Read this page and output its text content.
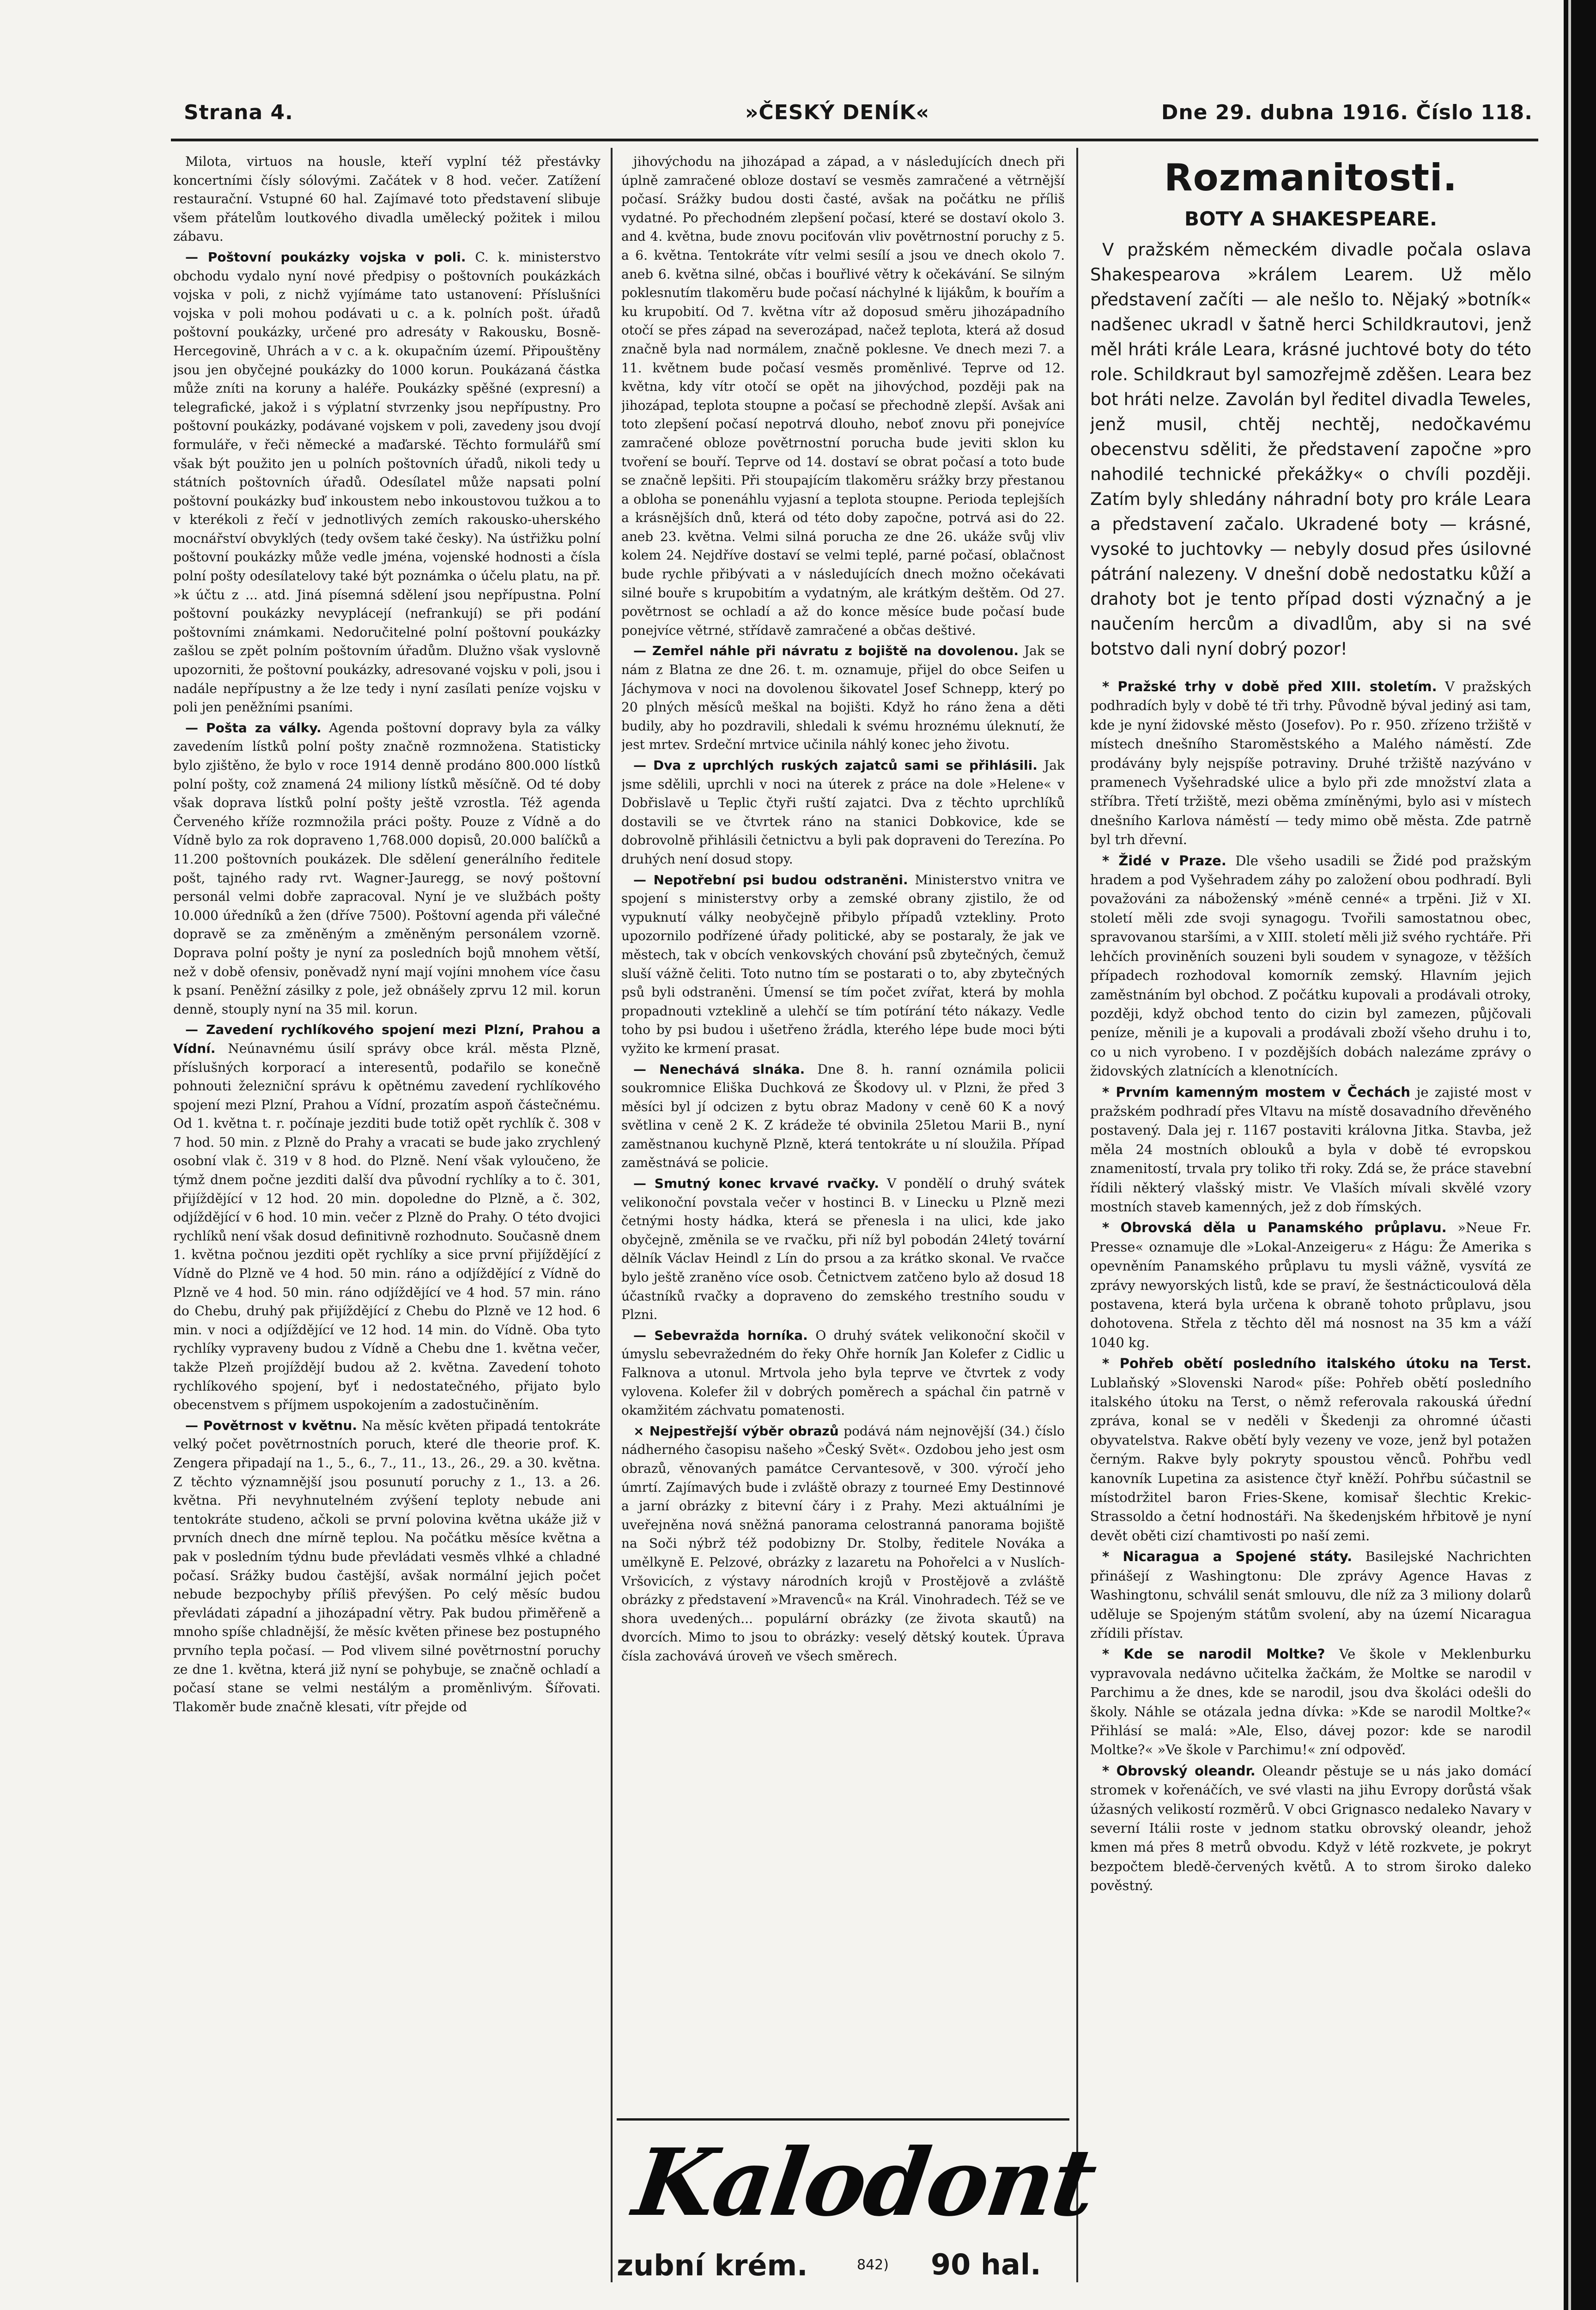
Strana 4.	»ČESKÝ DENÍK«	Dne 29. dubna 1916. Číslo 118.

Milota, virtuos na housle, kteří vyplní též přestávky koncertními čísly sólovými. Začátek v 8 hod. večer. Zatížení restaurační. Vstupné 60 hal. Zajímavé toto představení slibuje všem přátelům loutkového divadla umělecký požitek i milou zábavu.

— Poštovní poukázky vojska v poli. C. k. ministerstvo obchodu vydalo nyní nové předpisy o poštovních poukázkách vojska v poli, z nichž vyjímáme tato ustanovení: Příslušníci vojska v poli mohou podávati u c. a k. polních pošt. úřadů poštovní poukázky, určené pro adresáty v Rakousku, Bosně-Hercegovině, Uhrách a v c. a k. okupačním území. Připouštěny jsou jen obyčejné poukázky do 1000 korun. Poukázaná částka může zníti na koruny a haléře. Poukázky spěšné (expresní) a telegrafické, jakož i s výplatní stvrzenky jsou nepřípustny. Pro poštovní poukázky, podávané vojskem v poli, zavedeny jsou dvojí formuláře, v řeči německé a maďarské. Těchto formulářů smí však být použito jen u polních poštovních úřadů, nikoli tedy u státních poštovních úřadů. Odesílatel může napsati polní poštovní poukázky buď inkoustem nebo inkoustovou tužkou a to v kterékoli z řečí v jednotlivých zemích rakousko-uherského mocnářství obvyklých (tedy ovšem také česky). Na ústřižku polní poštovní poukázky může vedle jména, vojenské hodnosti a čísla polní pošty odesílatelovy také být poznámka o účelu platu, na př. »k účtu z ... atd. Jiná písemná sdělení jsou nepřípustna. Polní poštovní poukázky nevyplácejí (nefrankují) se při podání poštovními známkami. Nedoručitelné polní poštovní poukázky zašlou se zpět polním poštovním úřadům. Dlužno však vyslovně upozorniti, že poštovní poukázky, adresované vojsku v poli, jsou i nadále nepřípustny a že lze tedy i nyní zasílati peníze vojsku v poli jen peněžními psaními.

— Pošta za války. Agenda poštovní dopravy byla za války zavedením lístků polní pošty značně rozmnožena. Statisticky bylo zjištěno, že bylo v roce 1914 denně prodáno 800.000 lístků polní pošty, což znamená 24 miliony lístků měsíčně. Od té doby však doprava lístků polní pošty ještě vzrostla. Též agenda Červeného kříže rozmnožila práci pošty. Pouze z Vídně a do Vídně bylo za rok dopraveno 1,768.000 dopisů, 20.000 balíčků a 11.200 poštovních poukázek. Dle sdělení generálního ředitele pošt, tajného rady rvt. Wagner-Jauregg, se nový poštovní personál velmi dobře zapracoval. Nyní je ve službách pošty 10.000 úředníků a žen (dříve 7500). Poštovní agenda při válečné dopravě se za změněným a změněným personálem vzorně. Doprava polní pošty je nyní za posledních bojů mnohem větší, než v době ofensiv, poněvadž nyní mají vojíni mnohem více času k psaní. Peněžní zásilky z pole, jež obnášely zprvu 12 mil. korun denně, stouply nyní na 35 mil. korun.

— Zavedení rychlíkového spojení mezi Plzní, Prahou a Vídní. Neúnavnému úsilí správy obce král. města Plzně, příslušných korporací a interesentů, podařilo se konečně pohnouti železniční správu k opětnému zavedení rychlíkového spojení mezi Plzní, Prahou a Vídní, prozatím aspoň částečnému. Od 1. května t. r. počínaje jezditi bude totiž opět rychlík č. 308 v 7 hod. 50 min. z Plzně do Prahy a vracati se bude jako zrychlený osobní vlak č. 319 v 8 hod. do Plzně. Není však vyloučeno, že týmž dnem počne jezditi další dva původní rychlíky a to č. 301, přijíždějící v 12 hod. 20 min. dopoledne do Plzně, a č. 302, odjíždějící v 6 hod. 10 min. večer z Plzně do Prahy. O této dvojici rychlíků není však dosud definitivně rozhodnuto. Současně dnem 1. května počnou jezditi opět rychlíky a sice první přijíždějící z Vídně do Plzně ve 4 hod. 50 min. ráno a odjíždějící z Vídně do Plzně ve 4 hod. 50 min. ráno odjíždějící ve 4 hod. 57 min. ráno do Chebu, druhý pak přijíždějící z Chebu do Plzně ve 12 hod. 6 min. v noci a odjíždějící ve 12 hod. 14 min. do Vídně. Oba tyto rychlíky vypraveny budou z Vídně a Chebu dne 1. května večer, takže Plzeň projíždějí budou až 2. května. Zavedení tohoto rychlíkového spojení, byť i nedostatečného, přijato bylo obecenstvem s příjmem uspokojením a zadostučiněním.

— Povětrnost v květnu. Na měsíc květen připadá tentokráte velký počet povětrnostních poruch, které dle theorie prof. K. Zengera připadají na 1., 5., 6., 7., 11., 13., 26., 29. a 30. května. Z těchto významnější jsou posunutí poruchy z 1., 13. a 26. května. Při nevyhnutelném zvýšení teploty nebude ani tentokráte studeno, ačkoli se první polovina května ukáže již v prvních dnech dne mírně teplou. Na počátku měsíce května a pak v posledním týdnu bude převládati vesměs vlhké a chladné počasí. Srážky budou častější, avšak normální jejich počet nebude bezpochyby příliš převýšen. Po celý měsíc budou převládati západní a jihozápadní větry. Pak budou přiměřeně a mnoho spíše chladnější, že měsíc květen přinese bez postupného prvního tepla počasí. — Pod vlivem silné povětrnostní poruchy ze dne 1. května, která již nyní se pohybuje, se značně ochladí a počasí stane se velmi nestálým a proměnlivým. Šířovati. Tlakoměr bude značně klesati, vítr přejde od

jihovýchodu na jihozápad a západ, a v následujících dnech při úplně zamračené obloze dostaví se vesměs zamračené a větrnější počasí. Srážky budou dosti časté, avšak na počátku ne příliš vydatné. Po přechodném zlepšení počasí, které se dostaví okolo 3. and 4. května, bude znovu pociťován vliv povětrnostní poruchy z 5. a 6. května. Tentokráte vítr velmi sesílí a jsou ve dnech okolo 7. aneb 6. května silné, občas i bouřlivé větry k očekávání. Se silným poklesnutím tlakoměru bude počasí náchylné k lijákům, k bouřím a ku krupobití. Od 7. května vítr až doposud směru jihozápadního otočí se přes západ na severozápad, načež teplota, která až dosud značně byla nad normálem, značně poklesne. Ve dnech mezi 7. a 11. květnem bude počasí vesměs proměnlivé. Teprve od 12. května, kdy vítr otočí se opět na jihovýchod, později pak na jihozápad, teplota stoupne a počasí se přechodně zlepší. Avšak ani toto zlepšení počasí nepotrvá dlouho, neboť znovu při ponejvíce zamračené obloze povětrnostní porucha bude jeviti sklon ku tvoření se bouří. Teprve od 14. dostaví se obrat počasí a toto bude se značně lepšiti. Při stoupajícím tlakoměru srážky brzy přestanou a obloha se ponenáhlu vyjasní a teplota stoupne. Perioda teplejších a krásnějších dnů, která od této doby započne, potrvá asi do 22. aneb 23. května. Velmi silná porucha ze dne 26. ukáže svůj vliv kolem 24. Nejdříve dostaví se velmi teplé, parné počasí, oblačnost bude rychle přibývati a v následujících dnech možno očekávati silné bouře s krupobitím a vydatným, ale krátkým deštěm. Od 27. povětrnost se ochladí a až do konce měsíce bude počasí bude ponejvíce větrné, střídavě zamračené a občas deštivé.

— Zemřel náhle při návratu z bojiště na dovolenou. Jak se nám z Blatna ze dne 26. t. m. oznamuje, přijel do obce Seifen u Jáchymova v noci na dovolenou šikovatel Josef Schnepp, který po 20 plných měsíců meškal na bojišti. Když ho ráno žena a děti budily, aby ho pozdravili, shledali k svému hroznému úleknutí, že jest mrtev. Srdeční mrtvice učinila náhlý konec jeho životu.

— Dva z uprchlých ruských zajatců sami se přihlásili. Jak jsme sdělili, uprchli v noci na úterek z práce na dole »Helene« v Dobřislavě u Teplic čtyři ruští zajatci. Dva z těchto uprchlíků dostavili se ve čtvrtek ráno na stanici Dobkovice, kde se dobrovolně přihlásili četnictvu a byli pak dopraveni do Terezína. Po druhých není dosud stopy.

— Nepotřební psi budou odstraněni. Ministerstvo vnitra ve spojení s ministerstvy orby a zemské obrany zjistilo, že od vypuknutí války neobyčejně přibylo případů vztekliny. Proto upozornilo podřízené úřady politické, aby se postaraly, že jak ve městech, tak v obcích venkovských chování psů zbytečných, čemuž sluší vážně čeliti. Toto nutno tím se postarati o to, aby zbytečných psů byli odstraněni. Úmensí se tím počet zvířat, která by mohla propadnouti vzteklině a ulehčí se tím potírání této nákazy. Vedle toho by psi budou i ušetřeno žrádla, kterého lépe bude moci býti vyžito ke krmení prasat.

— Nenechává slnáka. Dne 8. h. ranní oznámila policii soukromnice Eliška Duchková ze Škodovy ul. v Plzni, že před 3 měsíci byl jí odcizen z bytu obraz Madony v ceně 60 K a nový světlina v ceně 2 K. Z krádeže té obvinila 25letou Marii B., nyní zaměstnanou kuchyně Plzně, která tentokráte u ní sloužila. Případ zaměstnává se policie.

— Smutný konec krvavé rvačky. V pondělí o druhý svátek velikonoční povstala večer v hostinci B. v Linecku u Plzně mezi četnými hosty hádka, která se přenesla i na ulici, kde jako obyčejně, změnila se ve rvačku, při níž byl pobodán 24letý tovární dělník Václav Heindl z Lín do prsou a za krátko skonal. Ve rvačce bylo ještě zraněno více osob. Četnictvem zatčeno bylo až dosud 18 účastníků rvačky a dopraveno do zemského trestního soudu v Plzni.

— Sebevražda horníka. O druhý svátek velikonoční skočil v úmyslu sebevražedném do řeky Ohře horník Jan Kolefer z Cidlic u Falknova a utonul. Mrtvola jeho byla teprve ve čtvrtek z vody vylovena. Kolefer žil v dobrých poměrech a spáchal čin patrně v okamžitém záchvatu pomatenosti.

× Nejpestřejší výběr obrazů podává nám nejnovější (34.) číslo nádherného časopisu našeho »Český Svět«. Ozdobou jeho jest osm obrazů, věnovaných památce Cervantesově, v 300. výročí jeho úmrtí. Zajímavých bude i zvláště obrazy z tourneé Emy Destinnové a jarní obrázky z bitevní čáry i z Prahy. Mezi aktuálními je uveřejněna nová sněžná panorama celostranná panorama bojiště na Soči nýbrž též podobizny Dr. Stolby, ředitele Nováka a umělkyně E. Pelzové, obrázky z lazaretu na Pohořelci a v Nuslích-Vršovicích, z výstavy národních krojů v Prostějově a zvláště obrázky z představení »Mravenců« na Král. Vinohradech. Též se ve shora uvedených... populární obrázky (ze života skautů) na dvorcích. Mimo to jsou to obrázky: veselý dětský koutek. Úprava čísla zachovává úroveň ve všech směrech.

Rozmanitosti.
BOTY A SHAKESPEARE.

V pražském německém divadle počala oslava Shakespearova »králem Learem. Už mělo představení začíti — ale nešlo to. Nějaký »botník« nadšenec ukradl v šatně herci Schildkrautovi, jenž měl hráti krále Leara, krásné juchtové boty do této role. Schildkraut byl samozřejmě zděšen. Leara bez bot hráti nelze. Zavolán byl ředitel divadla Teweles, jenž musil, chtěj nechtěj, nedočkavému obecenstvu sděliti, že představení započne »pro nahodilé technické překážky« o chvíli později. Zatím byly shledány náhradní boty pro krále Leara a představení začalo. Ukradené boty — krásné, vysoké to juchtovky — nebyly dosud přes úsilovné pátrání nalezeny. V dnešní době nedostatku kůží a drahoty bot je tento případ dosti význačný a je naučením hercům a divadlům, aby si na své botstvo dali nyní dobrý pozor!

* Pražské trhy v době před XIII. stoletím. V pražských podhradích byly v době té tři trhy. Původně býval jediný asi tam, kde je nyní židovské město (Josefov). Po r. 950. zřízeno tržiště v místech dnešního Staroměstského a Malého náměstí. Zde prodávány byly nejspíše potraviny. Druhé tržiště nazýváno v pramenech Vyšehradské ulice a bylo při zde množství zlata a stříbra. Třetí tržiště, mezi oběma zmíněnými, bylo asi v místech dnešního Karlova náměstí — tedy mimo obě města. Zde patrně byl trh dřevní.

* Židé v Praze. Dle všeho usadili se Židé pod pražským hradem a pod Vyšehradem záhy po založení obou podhradí. Byli považováni za náboženský »méně cenné« a trpěni. Již v XI. století měli zde svoji synagogu. Tvořili samostatnou obec, spravovanou staršími, a v XIII. století měli již svého rychtáře. Při lehčích proviněních souzeni byli soudem v synagoze, v těžších případech rozhodoval komorník zemský. Hlavním jejich zaměstnáním byl obchod. Z počátku kupovali a prodávali otroky, později, když obchod tento do cizin byl zamezen, půjčovali peníze, měnili je a kupovali a prodávali zboží všeho druhu i to, co u nich vyrobeno. I v pozdějších dobách nalezáme zprávy o židovských zlatnících a klenotnících.

* Prvním kamenným mostem v Čechách je zajisté most v pražském podhradí přes Vltavu na místě dosavadního dřevěného postavený. Dala jej r. 1167 postaviti královna Jitka. Stavba, jež měla 24 mostních oblouků a byla v době té evropskou znamenitostí, trvala pry toliko tři roky. Zdá se, že práce stavební řídili některý vlašský mistr. Ve Vlaších mívali skvělé vzory mostních staveb kamenných, jež z dob římských.

* Obrovská děla u Panamského průplavu. »Neue Fr. Presse« oznamuje dle »Lokal-Anzeigeru« z Hágu: Že Amerika s opevněním Panamského průplavu tu mysli vážně, vysvítá ze zprávy newyorských listů, kde se praví, že šestnácticoulová děla postavena, která byla určena k obraně tohoto průplavu, jsou dohotovena. Střela z těchto děl má nosnost na 35 km a váží 1040 kg.

* Pohřeb obětí posledního italského útoku na Terst. Lublaňský »Slovenski Narod« píše: Pohřeb obětí posledního italského útoku na Terst, o němž referovala rakouská úřední zpráva, konal se v neděli v Škedenji za ohromné účasti obyvatelstva. Rakve obětí byly vezeny ve voze, jenž byl potažen černým. Rakve byly pokryty spoustou věnců. Pohřbu vedl kanovník Lupetina za asistence čtyř kněží. Pohřbu súčastnil se místodržitel baron Fries-Skene, komisař šlechtic Krekic-Strassoldo a četní hodnostáři. Na škedenjském hřbitově je nyní devět oběti cizí chamtivosti po naší zemi.

* Nicaragua a Spojené státy. Basilejské Nachrichten přinášejí z Washingtonu: Dle zprávy Agence Havas z Washingtonu, schválil senát smlouvu, dle níž za 3 miliony dolarů uděluje se Spojeným státům svolení, aby na území Nicaragua zřídili přístav.

* Kde se narodil Moltke? Ve škole v Meklenburku vypravovala nedávno učitelka žačkám, že Moltke se narodil v Parchimu a že dnes, kde se narodil, jsou dva školáci odešli do školy. Náhle se otázala jedna dívka: »Kde se narodil Moltke?« Přihlásí se malá: »Ale, Elso, dávej pozor: kde se narodil Moltke?« »Ve škole v Parchimu!« zní odpověď.

* Obrovský oleandr. Oleandr pěstuje se u nás jako domácí stromek v kořenáčích, ve své vlasti na jihu Evropy dorůstá však úžasných velikostí rozměrů. V obci Grignasco nedaleko Navary v severní Itálii roste v jednom statku obrovský oleandr, jehož kmen má přes 8 metrů obvodu. Když v létě rozkvete, je pokryt bezpočtem bledě-červených květů. A to strom široko daleko pověstný.

Kalodont
zubní krém.	842) 90 hal.
